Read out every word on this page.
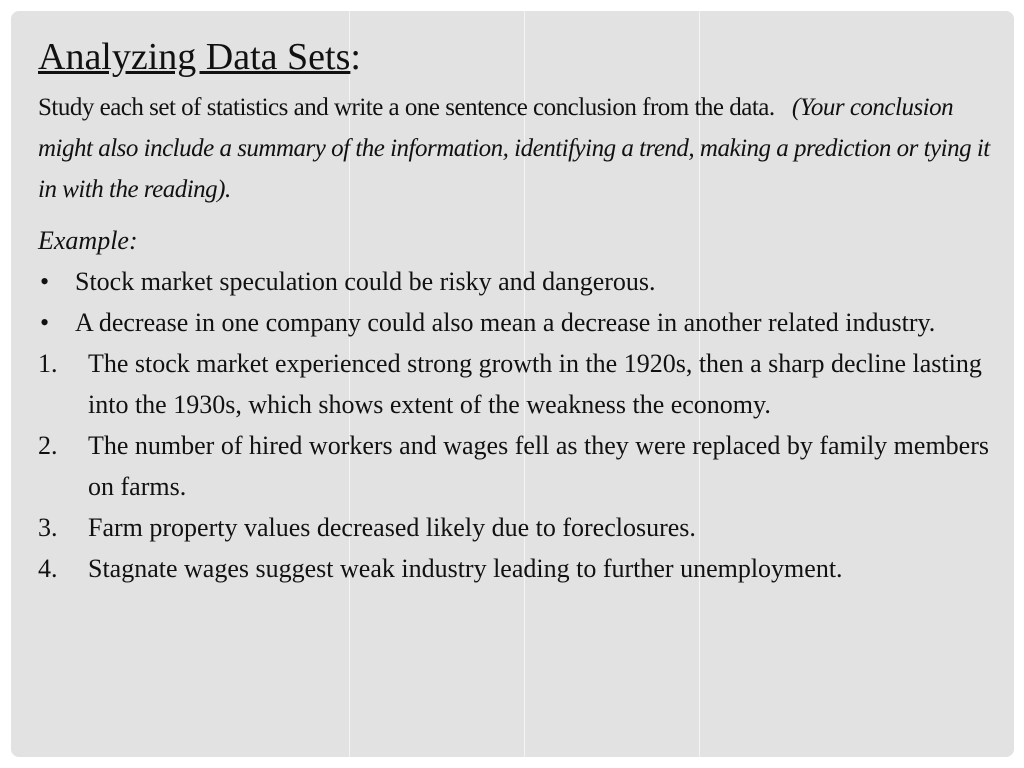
Analyzing Data Sets:

Study each set of statistics and write a one sentence conclusion from the data. (Your conclusion might also include a summary of the information, identifying a trend, making a prediction or tying it in with the reading).

Example:
• Stock market speculation could be risky and dangerous.
• A decrease in one company could also mean a decrease in another related industry.
1.	The stock market experienced strong growth in the 1920s, then a sharp decline lasting into the 1930s, which shows extent of the weakness the economy.
2.	The number of hired workers and wages fell as they were replaced by family members on farms.
3.	Farm property values decreased likely due to foreclosures.
4.	Stagnate wages suggest weak industry leading to further unemployment.
